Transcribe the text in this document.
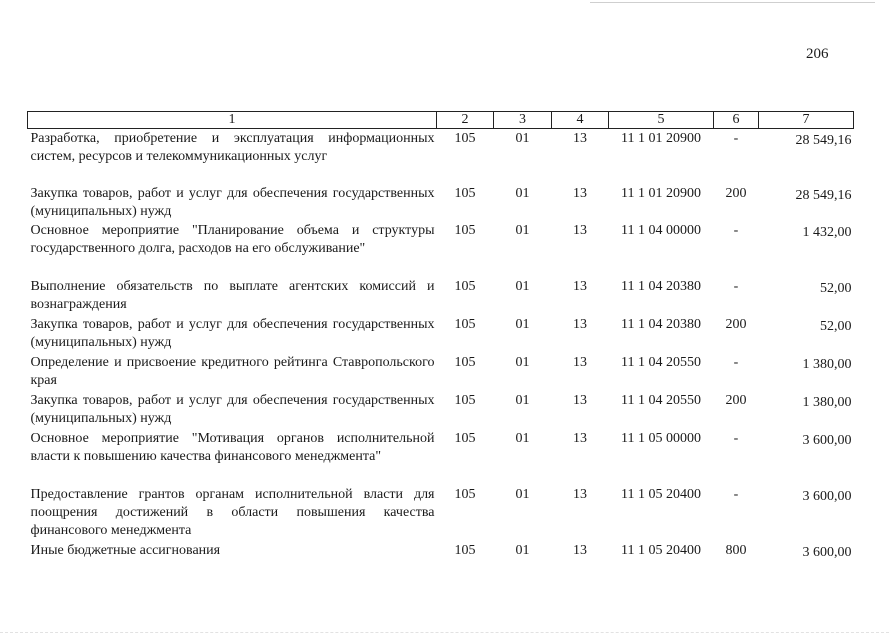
206
1	2	3	4	5	6	7
Разработка, приобретение и эксплуатация информационных систем, ресурсов и телекоммуникационных услуг	105	01	13	11 1 01 20900	-	28 549,16
Закупка товаров, работ и услуг для обеспечения государственных (муниципальных) нужд	105	01	13	11 1 01 20900	200	28 549,16
Основное мероприятие "Планирование объема и структуры государственного долга, расходов на его обслуживание"	105	01	13	11 1 04 00000	-	1 432,00
Выполнение обязательств по выплате агентских комиссий и вознаграждения	105	01	13	11 1 04 20380	-	52,00
Закупка товаров, работ и услуг для обеспечения государственных (муниципальных) нужд	105	01	13	11 1 04 20380	200	52,00
Определение и присвоение кредитного рейтинга Ставропольского края	105	01	13	11 1 04 20550	-	1 380,00
Закупка товаров, работ и услуг для обеспечения государственных (муниципальных) нужд	105	01	13	11 1 04 20550	200	1 380,00
Основное мероприятие "Мотивация органов исполнительной власти к повышению качества финансового менеджмента"	105	01	13	11 1 05 00000	-	3 600,00
Предоставление грантов органам исполнительной власти для поощрения достижений в области повышения качества финансового менеджмента	105	01	13	11 1 05 20400	-	3 600,00
Иные бюджетные ассигнования	105	01	13	11 1 05 20400	800	3 600,00
